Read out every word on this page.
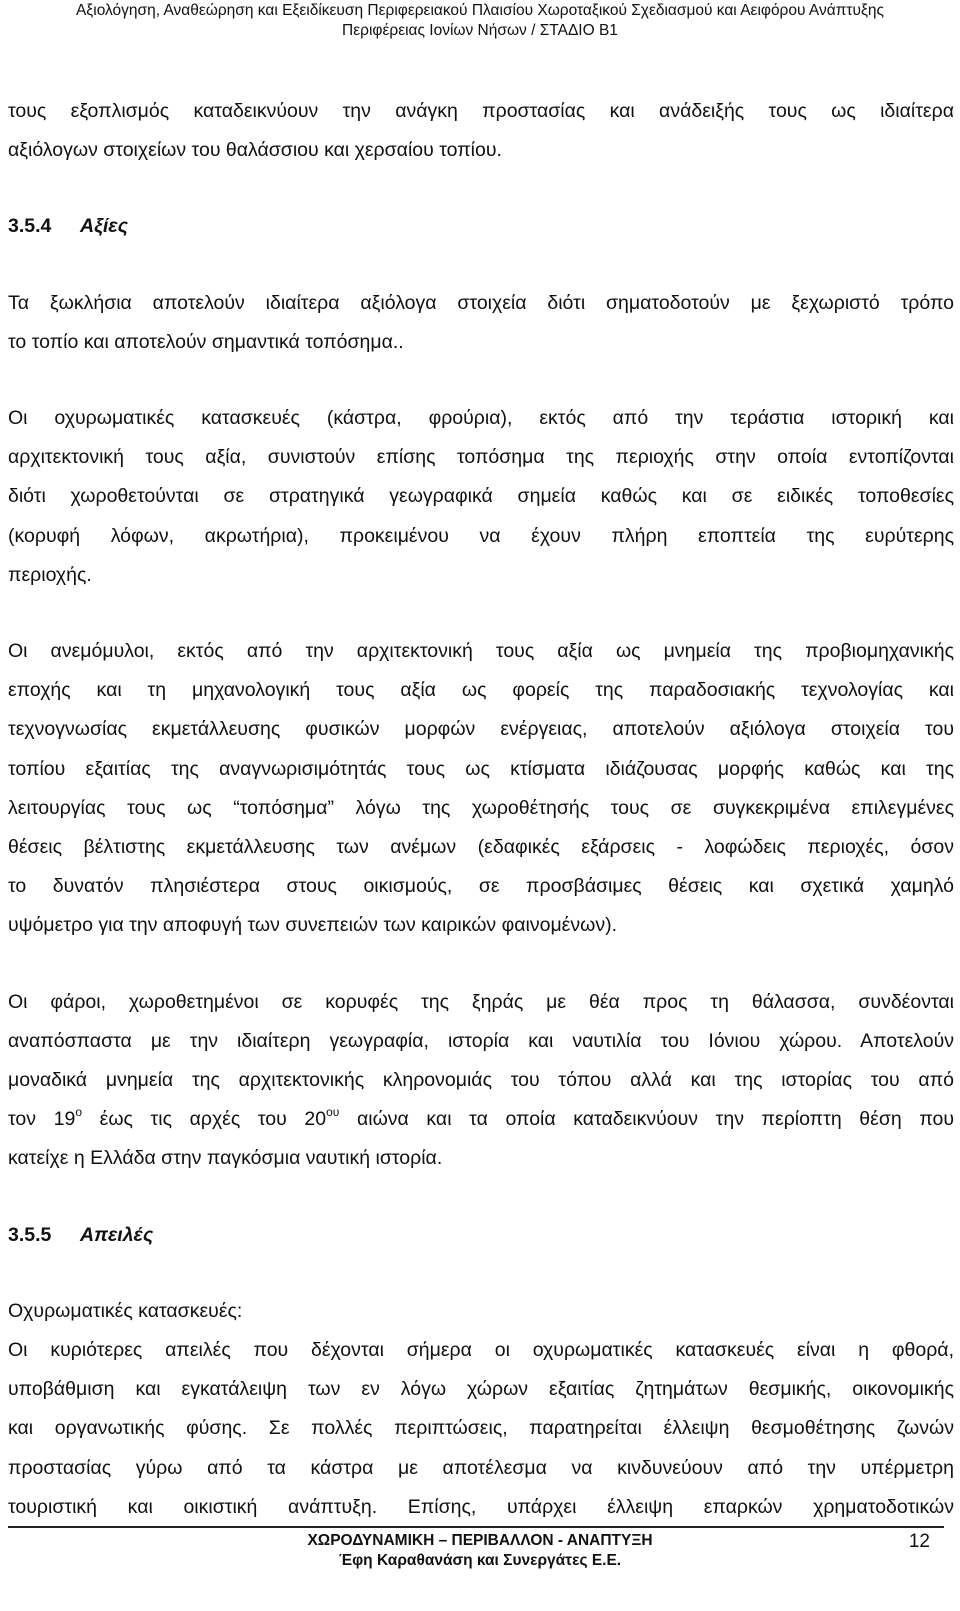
Αξιολόγηση, Αναθεώρηση και Εξειδίκευση Περιφερειακού Πλαισίου Χωροταξικού Σχεδιασμού και Αειφόρου Ανάπτυξης
Περιφέρειας Ιονίων Νήσων / ΣΤΑΔΙΟ Β1
τους εξοπλισμός καταδεικνύουν την ανάγκη προστασίας και ανάδειξής τους ως ιδιαίτερα
αξιόλογων στοιχείων του θαλάσσιου και χερσαίου τοπίου.
3.5.4 Αξίες
Τα ξωκλήσια αποτελούν ιδιαίτερα αξιόλογα στοιχεία διότι σηματοδοτούν με ξεχωριστό τρόπο
το τοπίο και αποτελούν σημαντικά τοπόσημα..
Οι οχυρωματικές κατασκευές (κάστρα, φρούρια), εκτός από την τεράστια ιστορική και
αρχιτεκτονική τους αξία, συνιστούν επίσης τοπόσημα της περιοχής στην οποία εντοπίζονται
διότι χωροθετούνται σε στρατηγικά γεωγραφικά σημεία καθώς και σε ειδικές τοποθεσίες
(κορυφή λόφων, ακρωτήρια), προκειμένου να έχουν πλήρη εποπτεία της ευρύτερης
περιοχής.
Οι ανεμόμυλοι, εκτός από την αρχιτεκτονική τους αξία ως μνημεία της προβιομηχανικής
εποχής και τη μηχανολογική τους αξία ως φορείς της παραδοσιακής τεχνολογίας και
τεχνογνωσίας εκμετάλλευσης φυσικών μορφών ενέργειας, αποτελούν αξιόλογα στοιχεία του
τοπίου εξαιτίας της αναγνωρισιμότητάς τους ως κτίσματα ιδιάζουσας μορφής καθώς και της
λειτουργίας τους ως “τοπόσημα” λόγω της χωροθέτησής τους σε συγκεκριμένα επιλεγμένες
θέσεις βέλτιστης εκμετάλλευσης των ανέμων (εδαφικές εξάρσεις - λοφώδεις περιοχές, όσον
το δυνατόν πλησιέστερα στους οικισμούς, σε προσβάσιμες θέσεις και σχετικά χαμηλό
υψόμετρο για την αποφυγή των συνεπειών των καιρικών φαινομένων).
Οι φάροι, χωροθετημένοι σε κορυφές της ξηράς με θέα προς τη θάλασσα, συνδέονται
αναπόσπαστα με την ιδιαίτερη γεωγραφία, ιστορία και ναυτιλία του Ιόνιου χώρου. Αποτελούν
μοναδικά μνημεία της αρχιτεκτονικής κληρονομιάς του τόπου αλλά και της ιστορίας του από
τον $19^o$ έως τις αρχές του $20^{o\upsilon}$ αιώνα και τα οποία καταδεικνύουν την περίοπτη θέση που
κατείχε η Ελλάδα στην παγκόσμια ναυτική ιστορία.
3.5.5 Απειλές
Οχυρωματικές κατασκευές:
Οι κυριότερες απειλές που δέχονται σήμερα οι οχυρωματικές κατασκευές είναι η φθορά,
υποβάθμιση και εγκατάλειψη των εν λόγω χώρων εξαιτίας ζητημάτων θεσμικής, οικονομικής
και οργανωτικής φύσης. Σε πολλές περιπτώσεις, παρατηρείται έλλειψη θεσμοθέτησης ζωνών
προστασίας γύρω από τα κάστρα με αποτέλεσμα να κινδυνεύουν από την υπέρμετρη
τουριστική και οικιστική ανάπτυξη. Επίσης, υπάρχει έλλειψη επαρκών χρηματοδοτικών
ΧΩΡΟΔΥΝΑΜΙΚΗ – ΠΕΡΙΒΑΛΛΟΝ - ΑΝΑΠΤΥΞΗ
Έφη Καραθανάση και Συνεργάτες Ε.Ε.
12
